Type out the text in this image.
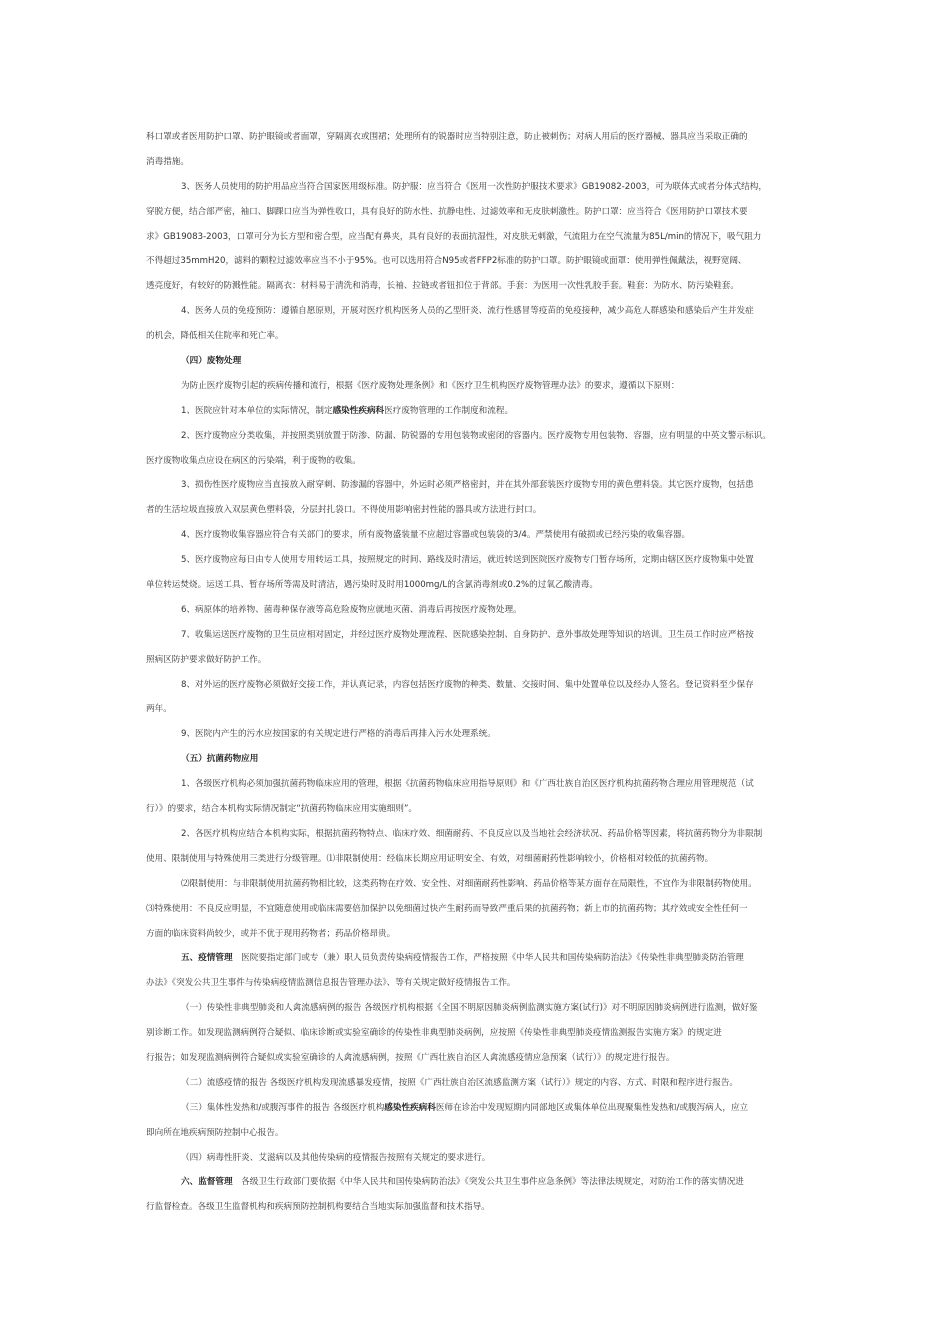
科口罩或者医用防护口罩、防护眼镜或者面罩，穿隔离衣或围裙；处理所有的锐器时应当特别注意，防止被刺伤；对病人用后的医疗器械、器具应当采取正确的
消毒措施。
3、医务人员使用的防护用品应当符合国家医用级标准。防护服：应当符合《医用一次性防护服技术要求》GB19082-2003，可为联体式或者分体式结构，
穿脱方便，结合部严密，袖口、脚踝口应当为弹性收口，具有良好的防水性、抗静电性、过滤效率和无皮肤刺激性。防护口罩：应当符合《医用防护口罩技术要
求》GB19083-2003，口罩可分为长方型和密合型，应当配有鼻夹，具有良好的表面抗湿性，对皮肤无刺激，气流阻力在空气流量为85L/min的情况下，吸气阻力
不得超过35mmH20，滤料的颗粒过滤效率应当不小于95%。也可以选用符合N95或者FFP2标准的防护口罩。防护眼镜或面罩：使用弹性佩戴法，视野宽阔、
透亮度好，有较好的防溅性能。隔离衣：材料易于清洗和消毒，长袖、拉链或者钮扣位于背部。手套：为医用一次性乳胶手套。鞋套：为防水、防污染鞋套。
4、医务人员的免疫预防：遵循自愿原则，开展对医疗机构医务人员的乙型肝炎、流行性感冒等疫苗的免疫接种，减少高危人群感染和感染后产生并发症
的机会，降低相关住院率和死亡率。
（四）废物处理
为防止医疗废物引起的疾病传播和流行，根据《医疗废物处理条例》和《医疗卫生机构医疗废物管理办法》的要求，遵循以下原则：
1、医院应针对本单位的实际情况，制定感染性疾病科医疗废物管理的工作制度和流程。
2、医疗废物应分类收集，并按照类别放置于防渗、防漏、防锐器的专用包装物或密闭的容器内。医疗废物专用包装物、容器，应有明显的中英文警示标识。
医疗废物收集点应设在病区的污染端，利于废物的收集。
3、损伤性医疗废物应当直接放入耐穿刺、防渗漏的容器中，外运时必须严格密封，并在其外部套装医疗废物专用的黄色塑料袋。其它医疗废物，包括患
者的生活垃圾直接放入双层黄色塑料袋，分层封扎袋口。不得使用影响密封性能的器具或方法进行封口。
4、医疗废物收集容器应符合有关部门的要求，所有废物盛装量不应超过容器或包装袋的3/4。严禁使用有破损或已经污染的收集容器。
5、医疗废物应每日由专人使用专用转运工具，按照规定的时间、路线及时清运，就近转送到医院医疗废物专门暂存场所，定期由辖区医疗废物集中处置
单位转运焚烧。运送工具、暂存场所等需及时清洁，遇污染时及时用1000mg/L的含氯消毒剂或0.2%的过氧乙酸清毒。
6、病原体的培养物、菌毒种保存液等高危险废物应就地灭菌、消毒后再按医疗废物处理。
7、收集运送医疗废物的卫生员应相对固定，并经过医疗废物处理流程、医院感染控制、自身防护、意外事故处理等知识的培训。卫生员工作时应严格按
照病区防护要求做好防护工作。
8、对外运的医疗废物必须做好交接工作，并认真记录，内容包括医疗废物的种类、数量、交接时间、集中处置单位以及经办人签名。登记资料至少保存
两年。
9、医院内产生的污水应按国家的有关规定进行严格的消毒后再排入污水处理系统。
（五）抗菌药物应用
1、各级医疗机构必须加强抗菌药物临床应用的管理，根据《抗菌药物临床应用指导原则》和《广西壮族自治区医疗机构抗菌药物合理应用管理规范（试
行）》的要求，结合本机构实际情况制定“抗菌药物临床应用实施细则”。
2、各医疗机构应结合本机构实际，根据抗菌药物特点、临床疗效、细菌耐药、不良反应以及当地社会经济状况、药品价格等因素，将抗菌药物分为非限制
使用、限制使用与特殊使用三类进行分级管理。⑴非限制使用：经临床长期应用证明安全、有效，对细菌耐药性影响较小，价格相对较低的抗菌药物。
⑵限制使用：与非限制使用抗菌药物相比较，这类药物在疗效、安全性、对细菌耐药性影响、药品价格等某方面存在局限性，不宜作为非限制药物使用。
⑶特殊使用：不良反应明显，不宜随意使用或临床需要倍加保护以免细菌过快产生耐药而导致严重后果的抗菌药物；新上市的抗菌药物；其疗效或安全性任何一
方面的临床资料尚较少，或并不优于现用药物者；药品价格昂贵。
五、疫情管理　医院要指定部门或专（兼）职人员负责传染病疫情报告工作，严格按照《中华人民共和国传染病防治法》《传染性非典型肺炎防治管理
办法》《突发公共卫生事件与传染病疫情监测信息报告管理办法》、等有关规定做好疫情报告工作。
（一）传染性非典型肺炎和人禽流感病例的报告 各级医疗机构根据《全国不明原因肺炎病例监测实施方案(试行)》对不明原因肺炎病例进行监测，做好鉴
别诊断工作。如发现监测病例符合疑似、临床诊断或实验室确诊的传染性非典型肺炎病例，应按照《传染性非典型肺炎疫情监测报告实施方案》的规定进
行报告；如发现监测病例符合疑似或实验室确诊的人禽流感病例，按照《广西壮族自治区人禽流感疫情应急预案（试行）》的规定进行报告。
（二）流感疫情的报告 各级医疗机构发现流感暴发疫情，按照《广西壮族自治区流感监测方案（试行）》规定的内容、方式、时限和程序进行报告。
（三）集体性发热和/或腹泻事件的报告 各级医疗机构感染性疾病科医师在诊治中发现短期内同部地区或集体单位出现聚集性发热和/或腹泻病人，应立
即向所在地疾病预防控制中心报告。
（四）病毒性肝炎、艾滋病以及其他传染病的疫情报告按照有关规定的要求进行。
六、监督管理　各级卫生行政部门要依据《中华人民共和国传染病防治法》《突发公共卫生事件应急条例》等法律法规规定，对防治工作的落实情况进
行监督检查。各级卫生监督机构和疾病预防控制机构要结合当地实际加强监督和技术指导。
